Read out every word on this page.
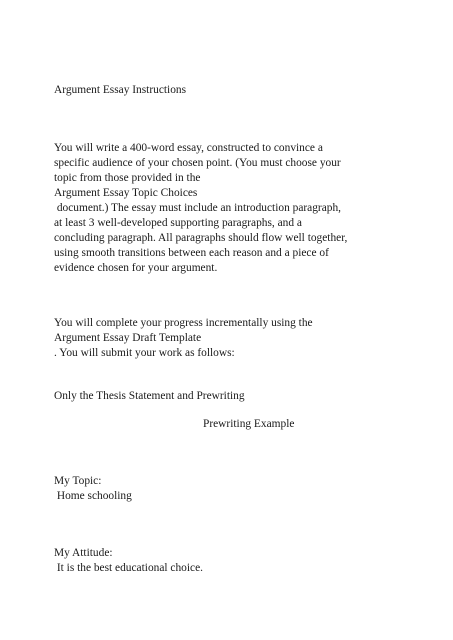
Argument Essay Instructions

You will write a 400-word essay, constructed to convince a

specific audience of your chosen point. (You must choose your

topic from those provided in the

Argument Essay Topic Choices

document.) The essay must include an introduction paragraph,

at least 3 well-developed supporting paragraphs, and a

concluding paragraph. All paragraphs should flow well together,

using smooth transitions between each reason and a piece of

evidence chosen for your argument.

You will complete your progress incrementally using the

Argument Essay Draft Template

. You will submit your work as follows:

Only the Thesis Statement and Prewriting

Prewriting Example

My Topic:

Home schooling

My Attitude:

It is the best educational choice.
